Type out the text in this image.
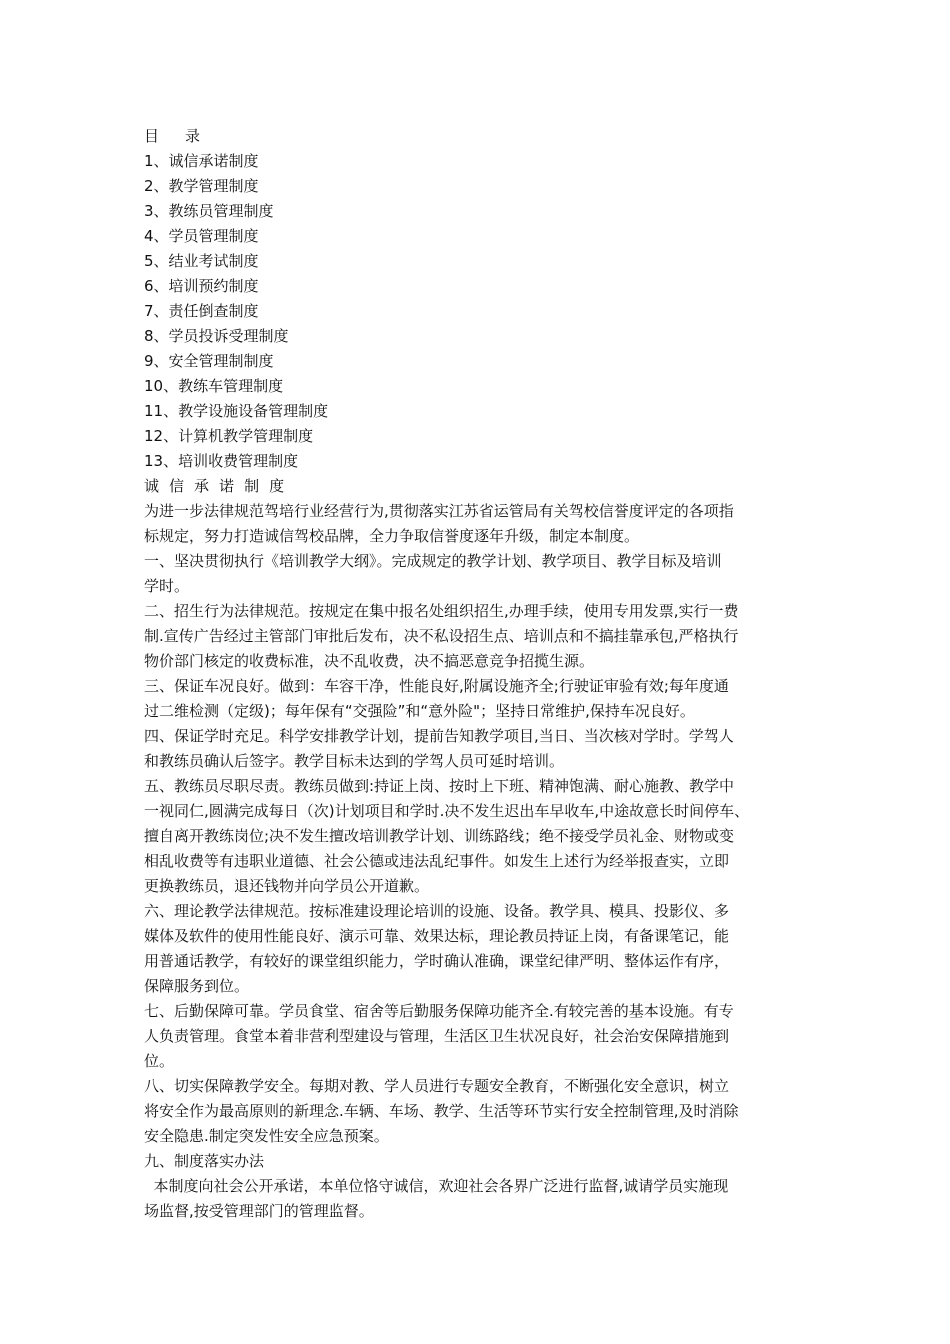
目 录
1、诚信承诺制度
2、教学管理制度
3、教练员管理制度
4、学员管理制度
5、结业考试制度
6、培训预约制度
7、责任倒查制度
8、学员投诉受理制度
9、安全管理制制度
10、教练车管理制度
11、教学设施设备管理制度
12、计算机教学管理制度
13、培训收费管理制度
诚 信 承 诺 制 度
为进一步法律规范驾培行业经营行为,贯彻落实江苏省运管局有关驾校信誉度评定的各项指
标规定，努力打造诚信驾校品牌，全力争取信誉度逐年升级，制定本制度。
一、坚决贯彻执行《培训教学大纲》。完成规定的教学计划、教学项目、教学目标及培训
学时。
二、招生行为法律规范。按规定在集中报名处组织招生,办理手续，使用专用发票,实行一费
制.宣传广告经过主管部门审批后发布，决不私设招生点、培训点和不搞挂靠承包,严格执行
物价部门核定的收费标准，决不乱收费，决不搞恶意竞争招揽生源。
三、保证车况良好。做到：车容干净，性能良好,附属设施齐全;行驶证审验有效;每年度通
过二维检测（定级)；每年保有“交强险”和“意外险"；坚持日常维护,保持车况良好。
四、保证学时充足。科学安排教学计划，提前告知教学项目,当日、当次核对学时。学驾人
和教练员确认后签字。教学目标未达到的学驾人员可延时培训。
五、教练员尽职尽责。教练员做到:持证上岗、按时上下班、精神饱满、耐心施教、教学中
一视同仁,圆满完成每日（次)计划项目和学时.决不发生迟出车早收车,中途故意长时间停车、
擅自离开教练岗位;决不发生擅改培训教学计划、训练路线；绝不接受学员礼金、财物或变
相乱收费等有违职业道德、社会公德或违法乱纪事件。如发生上述行为经举报查实，立即
更换教练员，退还钱物并向学员公开道歉。
六、理论教学法律规范。按标准建设理论培训的设施、设备。教学具、模具、投影仪、多
媒体及软件的使用性能良好、演示可靠、效果达标，理论教员持证上岗，有备课笔记，能
用普通话教学，有较好的课堂组织能力，学时确认准确，课堂纪律严明、整体运作有序，
保障服务到位。
七、后勤保障可靠。学员食堂、宿舍等后勤服务保障功能齐全.有较完善的基本设施。有专
人负责管理。食堂本着非营利型建设与管理，生活区卫生状况良好，社会治安保障措施到
位。
八、切实保障教学安全。每期对教、学人员进行专题安全教育，不断强化安全意识，树立
将安全作为最高原则的新理念.车辆、车场、教学、生活等环节实行安全控制管理,及时消除
安全隐患.制定突发性安全应急预案。
九、制度落实办法
本制度向社会公开承诺，本单位恪守诚信，欢迎社会各界广泛进行监督,诚请学员实施现
场监督,按受管理部门的管理监督。
